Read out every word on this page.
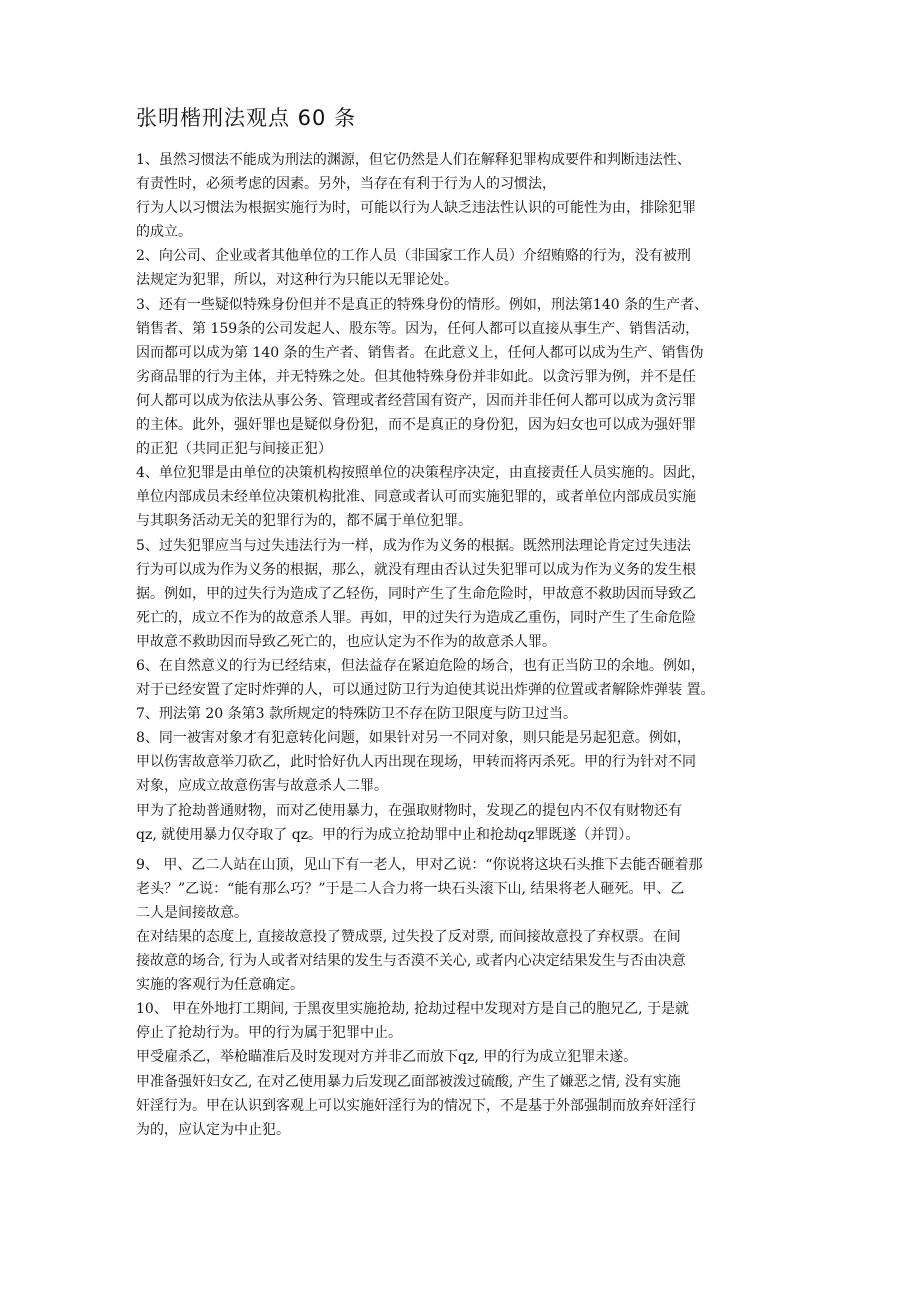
张明楷刑法观点 60 条
1、虽然习惯法不能成为刑法的渊源，但它仍然是人们在解释犯罪构成要件和判断违法性、
有责性时，必须考虑的因素。另外，当存在有利于行为人的习惯法，
行为人以习惯法为根据实施行为时，可能以行为人缺乏违法性认识的可能性为由，排除犯罪
的成立。
2、向公司、企业或者其他单位的工作人员（非国家工作人员）介绍贿赂的行为，没有被刑
法规定为犯罪，所以，对这种行为只能以无罪论处。
3、还有一些疑似特殊身份但并不是真正的特殊身份的情形。例如，刑法第140 条的生产者、
销售者、第 159条的公司发起人、股东等。因为，任何人都可以直接从事生产、销售活动，
因而都可以成为第 140 条的生产者、销售者。在此意义上，任何人都可以成为生产、销售伪
劣商品罪的行为主体，并无特殊之处。但其他特殊身份并非如此。以贪污罪为例，并不是任
何人都可以成为依法从事公务、管理或者经营国有资产，因而并非任何人都可以成为贪污罪
的主体。此外，强奸罪也是疑似身份犯，而不是真正的身份犯，因为妇女也可以成为强奸罪
的正犯（共同正犯与间接正犯）
4、单位犯罪是由单位的决策机构按照单位的决策程序决定，由直接责任人员实施的。因此，
单位内部成员未经单位决策机构批准、同意或者认可而实施犯罪的，或者单位内部成员实施
与其职务活动无关的犯罪行为的，都不属于单位犯罪。
5、过失犯罪应当与过失违法行为一样，成为作为义务的根据。既然刑法理论肯定过失违法
行为可以成为作为义务的根据，那么，就没有理由否认过失犯罪可以成为作为义务的发生根
据。例如，甲的过失行为造成了乙轻伤，同时产生了生命危险时，甲故意不救助因而导致乙
死亡的，成立不作为的故意杀人罪。再如，甲的过失行为造成乙重伤，同时产生了生命危险
甲故意不救助因而导致乙死亡的，也应认定为不作为的故意杀人罪。
6、在自然意义的行为已经结束，但法益存在紧迫危险的场合，也有正当防卫的余地。例如，
对于已经安置了定时炸弹的人，可以通过防卫行为迫使其说出炸弹的位置或者解除炸弹装 置。
7、刑法第 20 条第3 款所规定的特殊防卫不存在防卫限度与防卫过当。
8、同一被害对象才有犯意转化问题，如果针对另一不同对象，则只能是另起犯意。例如，
甲以伤害故意举刀砍乙，此时恰好仇人丙出现在现场，甲转而将丙杀死。甲的行为针对不同
对象，应成立故意伤害与故意杀人二罪。
甲为了抢劫普通财物，而对乙使用暴力，在强取财物时，发现乙的提包内不仅有财物还有
qz, 就使用暴力仅夺取了 qz。甲的行为成立抢劫罪中止和抢劫qz罪既遂（并罚）。
9、 甲、乙二人站在山顶，见山下有一老人，甲对乙说：“你说将这块石头推下去能否砸着那
老头？”乙说：“能有那么巧？”于是二人合力将一块石头滚下山, 结果将老人砸死。甲、乙
二人是间接故意。
在对结果的态度上, 直接故意投了赞成票, 过失投了反对票, 而间接故意投了弃权票。在间
接故意的场合, 行为人或者对结果的发生与否漠不关心, 或者内心决定结果发生与否由决意
实施的客观行为任意确定。
10、 甲在外地打工期间, 于黑夜里实施抢劫, 抢劫过程中发现对方是自己的胞兄乙, 于是就
停止了抢劫行为。甲的行为属于犯罪中止。
甲受雇杀乙，举枪瞄准后及时发现对方并非乙而放下qz, 甲的行为成立犯罪未遂。
甲准备强奸妇女乙, 在对乙使用暴力后发现乙面部被泼过硫酸, 产生了嫌恶之情, 没有实施
奸淫行为。甲在认识到客观上可以实施奸淫行为的情况下，不是基于外部强制而放弃奸淫行
为的，应认定为中止犯。
